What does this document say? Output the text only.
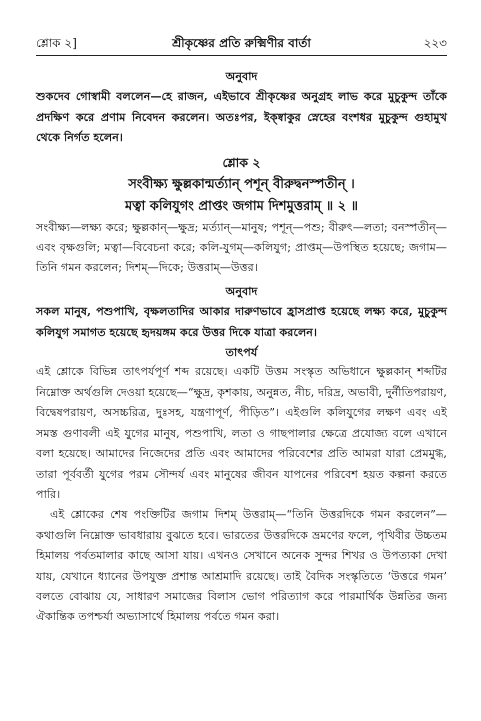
শ্লোক ২]	শ্রীকৃষ্ণের প্রতি রুক্মিণীর বার্তা	২২৩

অনুবাদ

শুকদেব গোস্বামী বললেন—হে রাজন, এইভাবে শ্রীকৃষ্ণের অনুগ্রহ লাভ করে মুচুকুন্দ তাঁকে প্রদক্ষিণ করে প্রণাম নিবেদন করলেন। অতঃপর, ইক্ষ্বাকুর স্নেহের বংশধর মুচুকুন্দ গুহামুখ থেকে নির্গত হলেন।

শ্লোক ২

সংবীক্ষ্য ক্ষুল্লকান্মর্ত্যান্ পশূন্ বীরুদ্বনস্পতীন্ ।

মত্বা কলিযুগং প্রাপ্তং জগাম দিশমুত্তরাম্ ॥ ২ ॥

সংবীক্ষ্য—লক্ষ্য করে; ক্ষুল্লকান্—ক্ষুদ্র; মর্ত্যান্—মানুষ; পশূন্—পশু; বীরুৎ—লতা; বনস্পতীন্—এবং বৃক্ষগুলি; মত্বা—বিবেচনা করে; কলি-যুগম্—কলিযুগ; প্রাপ্তম্—উপস্থিত হয়েছে; জগাম—তিনি গমন করলেন; দিশম্—দিকে; উত্তরাম্—উত্তর।

অনুবাদ

সকল মানুষ, পশুপাখি, বৃক্ষলতাদির আকার দারুণভাবে হ্রাসপ্রাপ্ত হয়েছে লক্ষ্য করে, মুচুকুন্দ কলিযুগ সমাগত হয়েছে হৃদয়ঙ্গম করে উত্তর দিকে যাত্রা করলেন।

তাৎপর্য

এই শ্লোকে বিভিন্ন তাৎপর্যপূর্ণ শব্দ রয়েছে। একটি উত্তম সংস্কৃত অভিধানে ক্ষুল্লকান্ শব্দটির নিম্নোক্ত অর্থগুলি দেওয়া হয়েছে—“ক্ষুদ্র, কৃশকায়, অনুন্নত, নীচ, দরিদ্র, অভাবী, দুর্নীতিপরায়ণ, বিদ্বেষপরায়ণ, অসচ্চরিত্র, দুঃসহ, যন্ত্রণাপূর্ণ, পীড়িত”। এইগুলি কলিযুগের লক্ষণ এবং এই সমস্ত গুণাবলী এই যুগের মানুষ, পশুপাখি, লতা ও গাছপালার ক্ষেত্রে প্রযোজ্য বলে এখানে বলা হয়েছে। আমাদের নিজেদের প্রতি এবং আমাদের পরিবেশের প্রতি আমরা যারা প্রেমমুগ্ধ, তারা পূর্ববর্তী যুগের পরম সৌন্দর্য এবং মানুষের জীবন যাপনের পরিবেশ হয়ত কল্পনা করতে পারি।

এই শ্লোকের শেষ পংক্তিটির জগাম দিশম্ উত্তরাম্—“তিনি উত্তরদিকে গমন করলেন”—কথাগুলি নিম্নোক্ত ভাবধারায় বুঝতে হবে। ভারতের উত্তরদিকে ভ্রমণের ফলে, পৃথিবীর উচ্চতম হিমালয় পর্বতমালার কাছে আসা যায়। এখনও সেখানে অনেক সুন্দর শিখর ও উপত্যকা দেখা যায়, যেখানে ধ্যানের উপযুক্ত প্রশান্ত আশ্রমাদি রয়েছে। তাই বৈদিক সংস্কৃতিতে ‘উত্তরে গমন’ বলতে বোঝায় যে, সাধারণ সমাজের বিলাস ভোগ পরিত্যাগ করে পারমার্থিক উন্নতির জন্য ঐকান্তিক তপশ্চর্যা অভ্যাসার্থে হিমালয় পর্বতে গমন করা।
